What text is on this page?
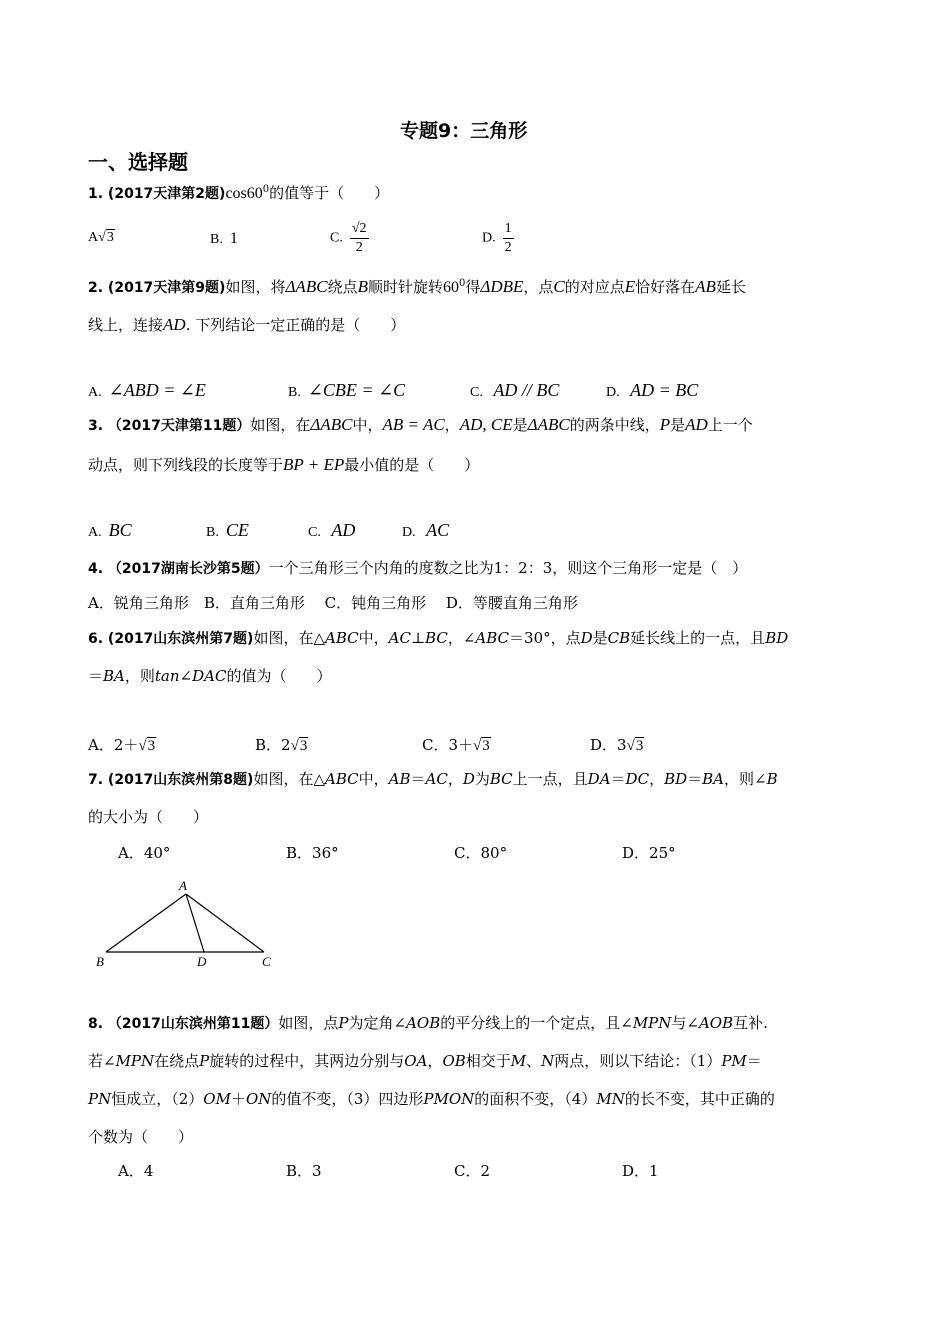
专题9：三角形
一、选择题
1. (2017天津第2题)$\cos 60^0$的值等于（　　）
A√3	B. 1	C. $\frac{√2}{2}$	D. $\frac{1}{2}$
2. (2017天津第9题)如图，将ΔABC绕点B顺时针旋转$60^0$得ΔDBE，点C的对应点E恰好落在AB延长
线上，连接AD. 下列结论一定正确的是（　　）
A. ∠ABD = ∠E	B. ∠CBE = ∠C	C. AD // BC	D. AD = BC
3. （2017天津第11题）如图，在ΔABC中，AB = AC，AD, CE是ΔABC的两条中线，P是AD上一个
动点，则下列线段的长度等于BP + EP最小值的是（　　）
A. BC	B. CE	C. AD	D. AC
4. （2017湖南长沙第5题）一个三角形三个内角的度数之比为1：2：3，则这个三角形一定是（　）
A．锐角三角形　B．直角三角形　 C．钝角三角形　 D．等腰直角三角形
6. (2017山东滨州第7题)如图，在△ABC中，AC⊥BC，∠ABC＝30°，点D是CB延长线上的一点，且BD
＝BA，则tan∠DAC的值为（　　）
A．2＋√3	B．2√3	C．3＋√3	D．3√3
7. (2017山东滨州第8题)如图，在△ABC中，AB＝AC，D为BC上一点，且DA＝DC，BD＝BA，则∠B
的大小为（　　）
A．40°	B．36°	C．80°	D．25°
A
B	D	C
8. （2017山东滨州第11题）如图，点P为定角∠AOB的平分线上的一个定点，且∠MPN与∠AOB互补.
若∠MPN在绕点P旋转的过程中，其两边分别与OA，OB相交于M、N两点，则以下结论：（1）PM＝
PN恒成立，（2）OM＋ON的值不变，（3）四边形PMON的面积不变，（4）MN的长不变，其中正确的
个数为（　　）
A．4	B．3	C．2	D．1
